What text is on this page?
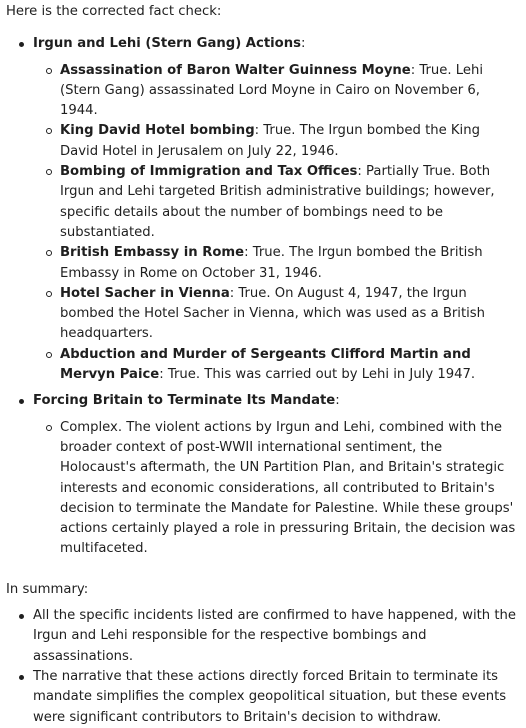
Here is the corrected fact check:

Irgun and Lehi (Stern Gang) Actions:
Assassination of Baron Walter Guinness Moyne: True. Lehi (Stern Gang) assassinated Lord Moyne in Cairo on November 6, 1944.
King David Hotel bombing: True. The Irgun bombed the King David Hotel in Jerusalem on July 22, 1946.
Bombing of Immigration and Tax Offices: Partially True. Both Irgun and Lehi targeted British administrative buildings; however, specific details about the number of bombings need to be substantiated.
British Embassy in Rome: True. The Irgun bombed the British Embassy in Rome on October 31, 1946.
Hotel Sacher in Vienna: True. On August 4, 1947, the Irgun bombed the Hotel Sacher in Vienna, which was used as a British headquarters.
Abduction and Murder of Sergeants Clifford Martin and Mervyn Paice: True. This was carried out by Lehi in July 1947.
Forcing Britain to Terminate Its Mandate:
Complex. The violent actions by Irgun and Lehi, combined with the broader context of post-WWII international sentiment, the Holocaust's aftermath, the UN Partition Plan, and Britain's strategic interests and economic considerations, all contributed to Britain's decision to terminate the Mandate for Palestine. While these groups' actions certainly played a role in pressuring Britain, the decision was multifaceted.

In summary:

All the specific incidents listed are confirmed to have happened, with the Irgun and Lehi responsible for the respective bombings and assassinations.
The narrative that these actions directly forced Britain to terminate its mandate simplifies the complex geopolitical situation, but these events were significant contributors to Britain's decision to withdraw.
